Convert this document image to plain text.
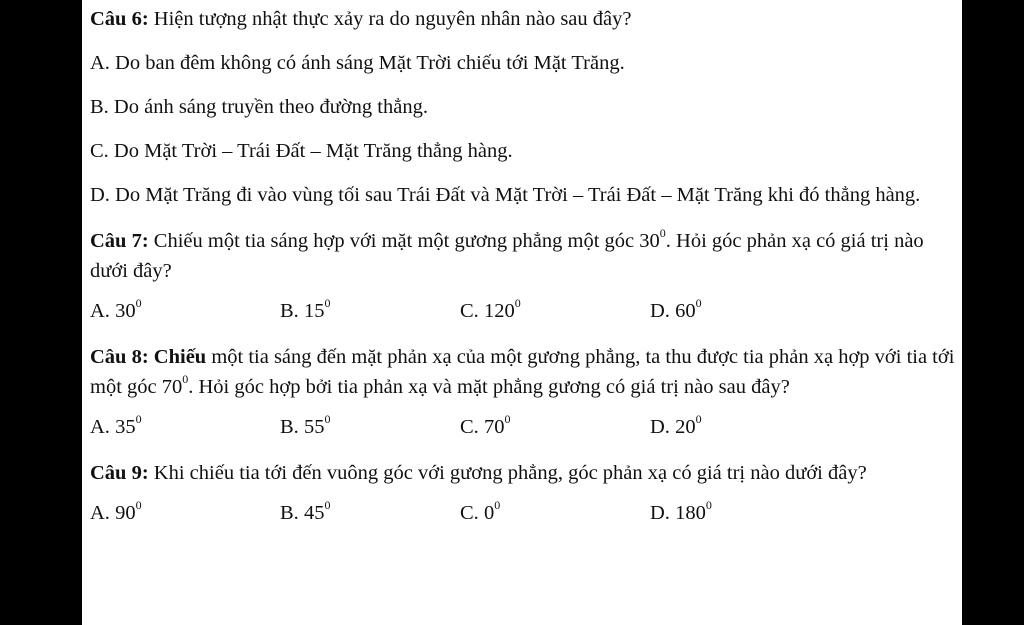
Câu 6: Hiện tượng nhật thực xảy ra do nguyên nhân nào sau đây?

A. Do ban đêm không có ánh sáng Mặt Trời chiếu tới Mặt Trăng.

B. Do ánh sáng truyền theo đường thẳng.

C. Do Mặt Trời – Trái Đất – Mặt Trăng thẳng hàng.

D. Do Mặt Trăng đi vào vùng tối sau Trái Đất và Mặt Trời – Trái Đất – Mặt Trăng khi đó thẳng hàng.

Câu 7: Chiếu một tia sáng hợp với mặt một gương phẳng một góc $30^0$. Hỏi góc phản xạ có giá trị nào dưới đây?

A. $30^0$	B. $15^0$	C. $120^0$	D. $60^0$

Câu 8: Chiếu một tia sáng đến mặt phản xạ của một gương phẳng, ta thu được tia phản xạ hợp với tia tới một góc $70^0$. Hỏi góc hợp bởi tia phản xạ và mặt phẳng gương có giá trị nào sau đây?

A. $35^0$	B. $55^0$	C. $70^0$	D. $20^0$

Câu 9: Khi chiếu tia tới đến vuông góc với gương phẳng, góc phản xạ có giá trị nào dưới đây?

A. $90^0$	B. $45^0$	C. $0^0$	D. $180^0$
